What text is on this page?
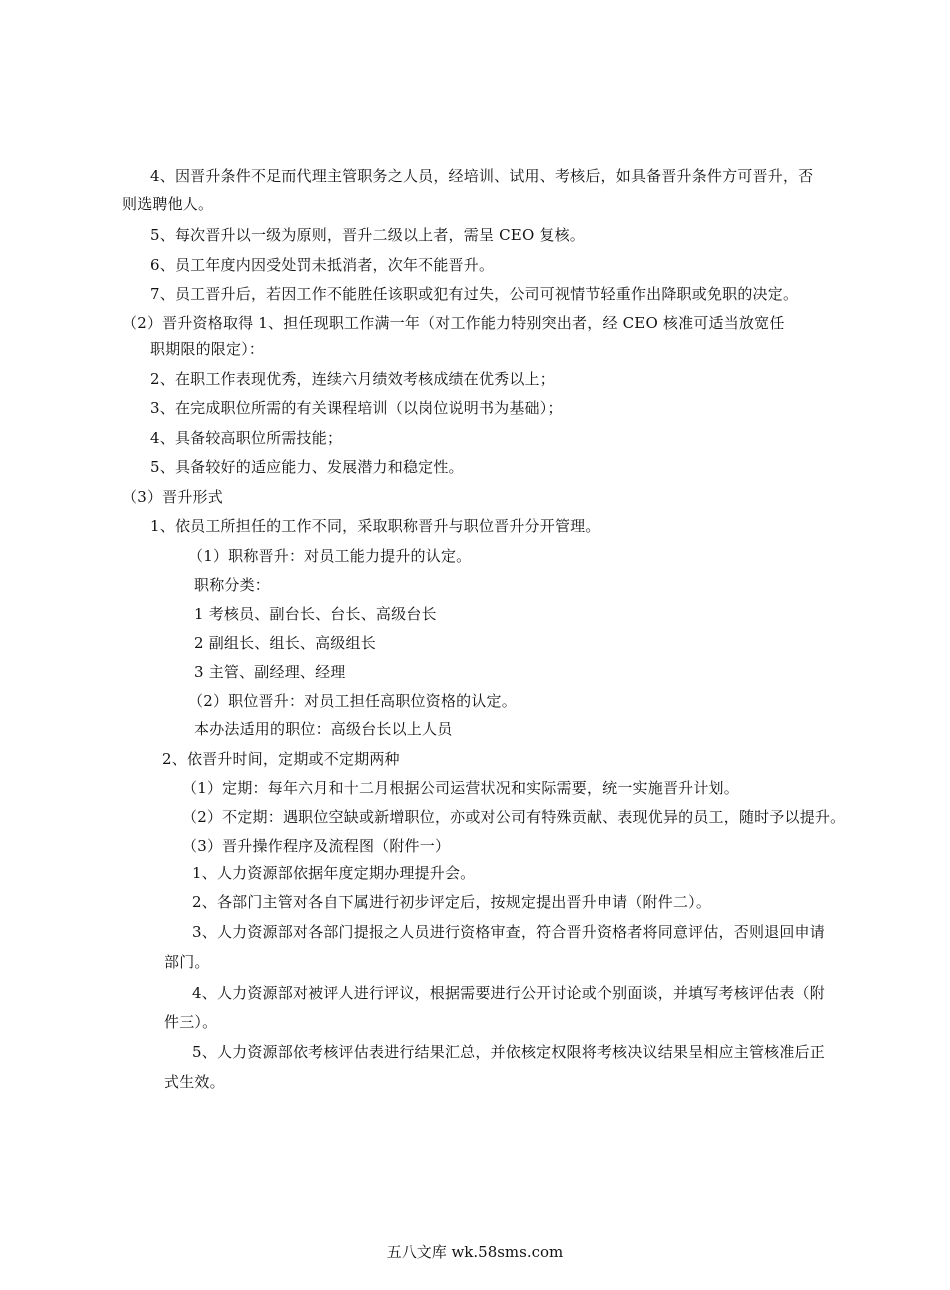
4、因晋升条件不足而代理主管职务之人员，经培训、试用、考核后，如具备晋升条件方可晋升，否
则选聘他人。
5、每次晋升以一级为原则，晋升二级以上者，需呈 CEO 复核。
6、员工年度内因受处罚未抵消者，次年不能晋升。
7、员工晋升后，若因工作不能胜任该职或犯有过失，公司可视情节轻重作出降职或免职的决定。
（2）晋升资格取得 1、担任现职工作满一年（对工作能力特别突出者，经 CEO 核准可适当放宽任
职期限的限定）：
2、在职工作表现优秀，连续六月绩效考核成绩在优秀以上；
3、在完成职位所需的有关课程培训（以岗位说明书为基础）；
4、具备较高职位所需技能；
5、具备较好的适应能力、发展潜力和稳定性。
（3）晋升形式
1、依员工所担任的工作不同，采取职称晋升与职位晋升分开管理。
（1）职称晋升：对员工能力提升的认定。
职称分类：
1 考核员、副台长、台长、高级台长
2 副组长、组长、高级组长
3 主管、副经理、经理
（2）职位晋升：对员工担任高职位资格的认定。
本办法适用的职位：高级台长以上人员
2、依晋升时间，定期或不定期两种
（1）定期：每年六月和十二月根据公司运营状况和实际需要，统一实施晋升计划。
（2）不定期：遇职位空缺或新增职位，亦或对公司有特殊贡献、表现优异的员工，随时予以提升。
（3）晋升操作程序及流程图（附件一）
1、人力资源部依据年度定期办理提升会。
2、各部门主管对各自下属进行初步评定后，按规定提出晋升申请（附件二）。
3、人力资源部对各部门提报之人员进行资格审查，符合晋升资格者将同意评估，否则退回申请
部门。
4、人力资源部对被评人进行评议，根据需要进行公开讨论或个别面谈，并填写考核评估表（附
件三）。
5、人力资源部依考核评估表进行结果汇总，并依核定权限将考核决议结果呈相应主管核准后正
式生效。
五八文库 wk.58sms.com
